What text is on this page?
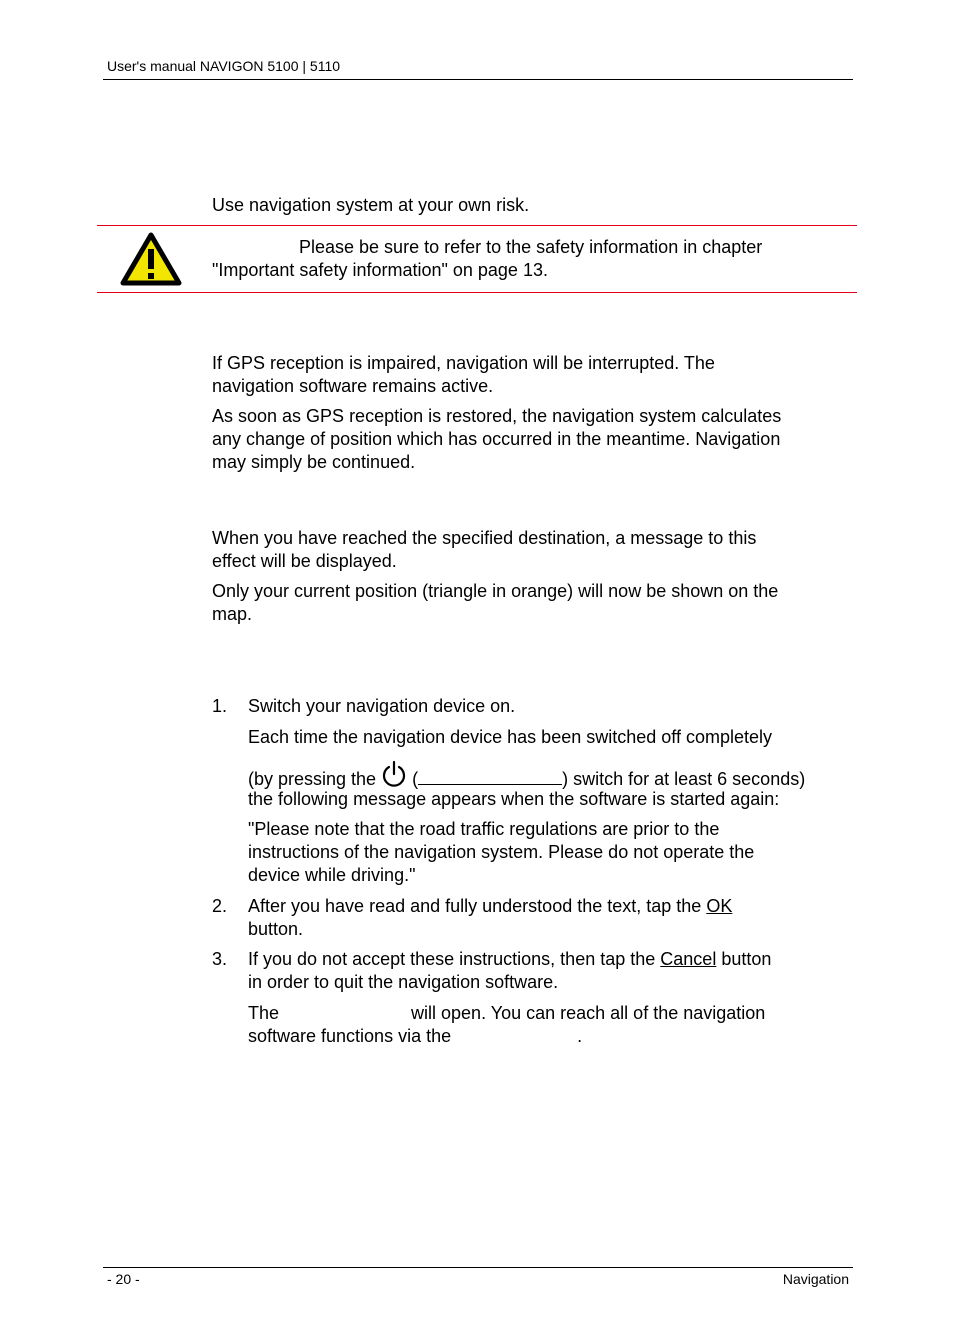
User's manual NAVIGON 5100 | 5110
Use navigation system at your own risk.
Please be sure to refer to the safety information in chapter
"Important safety information" on page 13.
If GPS reception is impaired, navigation will be interrupted. The
navigation software remains active.
As soon as GPS reception is restored, the navigation system calculates
any change of position which has occurred in the meantime. Navigation
may simply be continued.
When you have reached the specified destination, a message to this
effect will be displayed.
Only your current position (triangle in orange) will now be shown on the
map.
1. Switch your navigation device on.
Each time the navigation device has been switched off completely
(by pressing the (	) switch for at least 6 seconds)
the following message appears when the software is started again:
"Please note that the road traffic regulations are prior to the
instructions of the navigation system. Please do not operate the
device while driving."
2. After you have read and fully understood the text, tap the OK
button.
3. If you do not accept these instructions, then tap the Cancel button
in order to quit the navigation software.
The	will open. You can reach all of the navigation
software functions via the	.
- 20 -	Navigation
